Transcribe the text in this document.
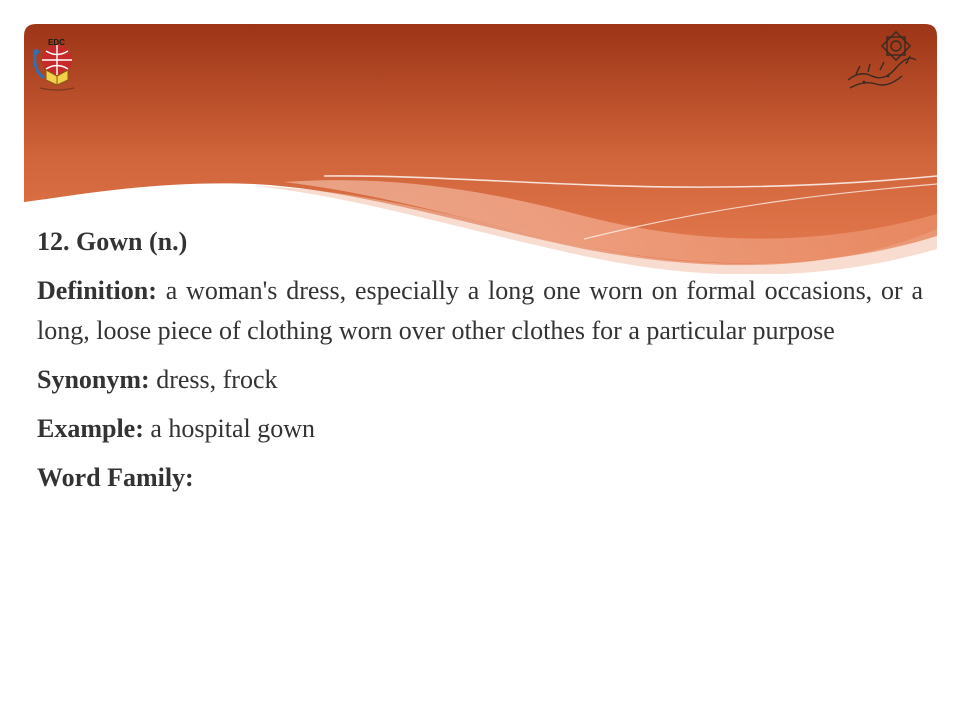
EDC

12. Gown (n.)

Definition: a woman's dress, especially a long one worn on formal occasions, or a long, loose piece of clothing worn over other clothes for a particular purpose

Synonym: dress, frock

Example: a hospital gown

Word Family:
